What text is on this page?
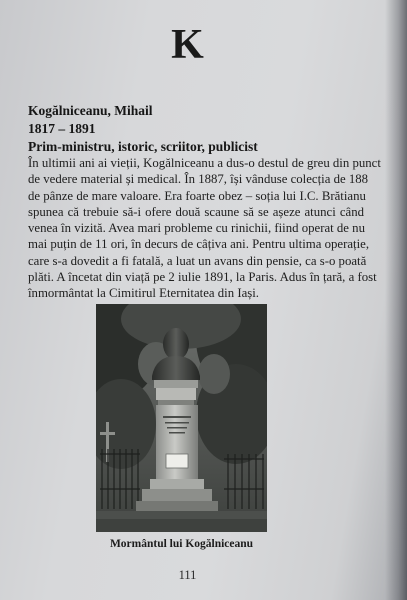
K
Kogălniceanu, Mihail
1817 – 1891
Prim-ministru, istoric, scriitor, publicist

În ultimii ani ai vieții, Kogălniceanu a dus-o destul de greu din punct
de vedere material și medical. În 1887, își vânduse colecția de 188
de pânze de mare valoare. Era foarte obez – soția lui I.C. Brătianu
spunea că trebuie să-i ofere două scaune să se așeze atunci când
venea în vizită. Avea mari probleme cu rinichii, fiind operat de nu
mai puțin de 11 ori, în decurs de câțiva ani. Pentru ultima operație,
care s-a dovedit a fi fatală, a luat un avans din pensie, ca s-o poată
plăti. A încetat din viață pe 2 iulie 1891, la Paris. Adus în țară, a fost
înmormântat la Cimitirul Eternitatea din Iași.

Mormântul lui Kogălniceanu
111
